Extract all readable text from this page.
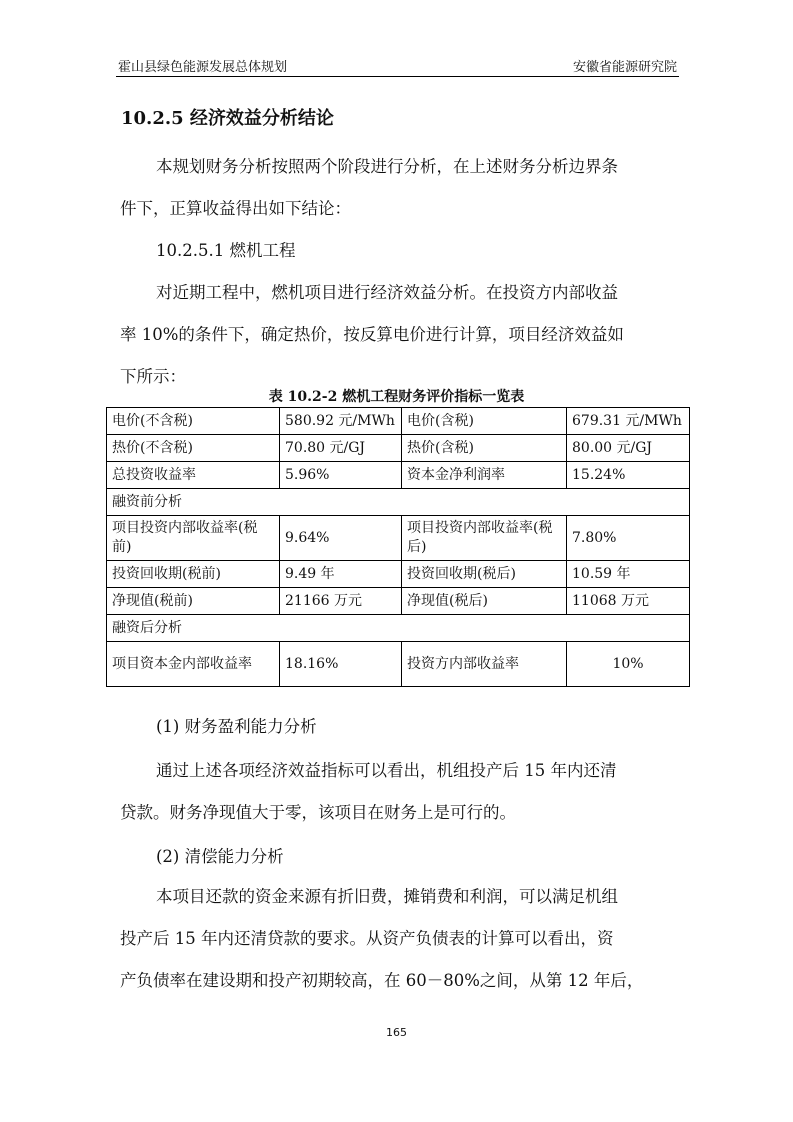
霍山县绿色能源发展总体规划	安徽省能源研究院
10.2.5 经济效益分析结论

本规划财务分析按照两个阶段进行分析，在上述财务分析边界条
件下，正算收益得出如下结论：

10.2.5.1 燃机工程

对近期工程中，燃机项目进行经济效益分析。在投资方内部收益
率 10%的条件下，确定热价，按反算电价进行计算，项目经济效益如
下所示：

表 10.2-2 燃机工程财务评价指标一览表
电价(不含税)	580.92 元/MWh	电价(含税)	679.31 元/MWh
热价(不含税)	70.80 元/GJ	热价(含税)	80.00 元/GJ
总投资收益率	5.96%	资本金净利润率	15.24%
融资前分析			
项目投资内部收益率(税前)	9.64%	项目投资内部收益率(税后)	7.80%
投资回收期(税前)	9.49 年	投资回收期(税后)	10.59 年
净现值(税前)	21166 万元	净现值(税后)	11068 万元
融资后分析			
项目资本金内部收益率	18.16%	投资方内部收益率	10%

(1) 财务盈利能力分析

通过上述各项经济效益指标可以看出，机组投产后 15 年内还清
贷款。财务净现值大于零，该项目在财务上是可行的。

(2) 清偿能力分析

本项目还款的资金来源有折旧费，摊销费和利润，可以满足机组
投产后 15 年内还清贷款的要求。从资产负债表的计算可以看出，资
产负债率在建设期和投产初期较高，在 60－80%之间，从第 12 年后，

165
